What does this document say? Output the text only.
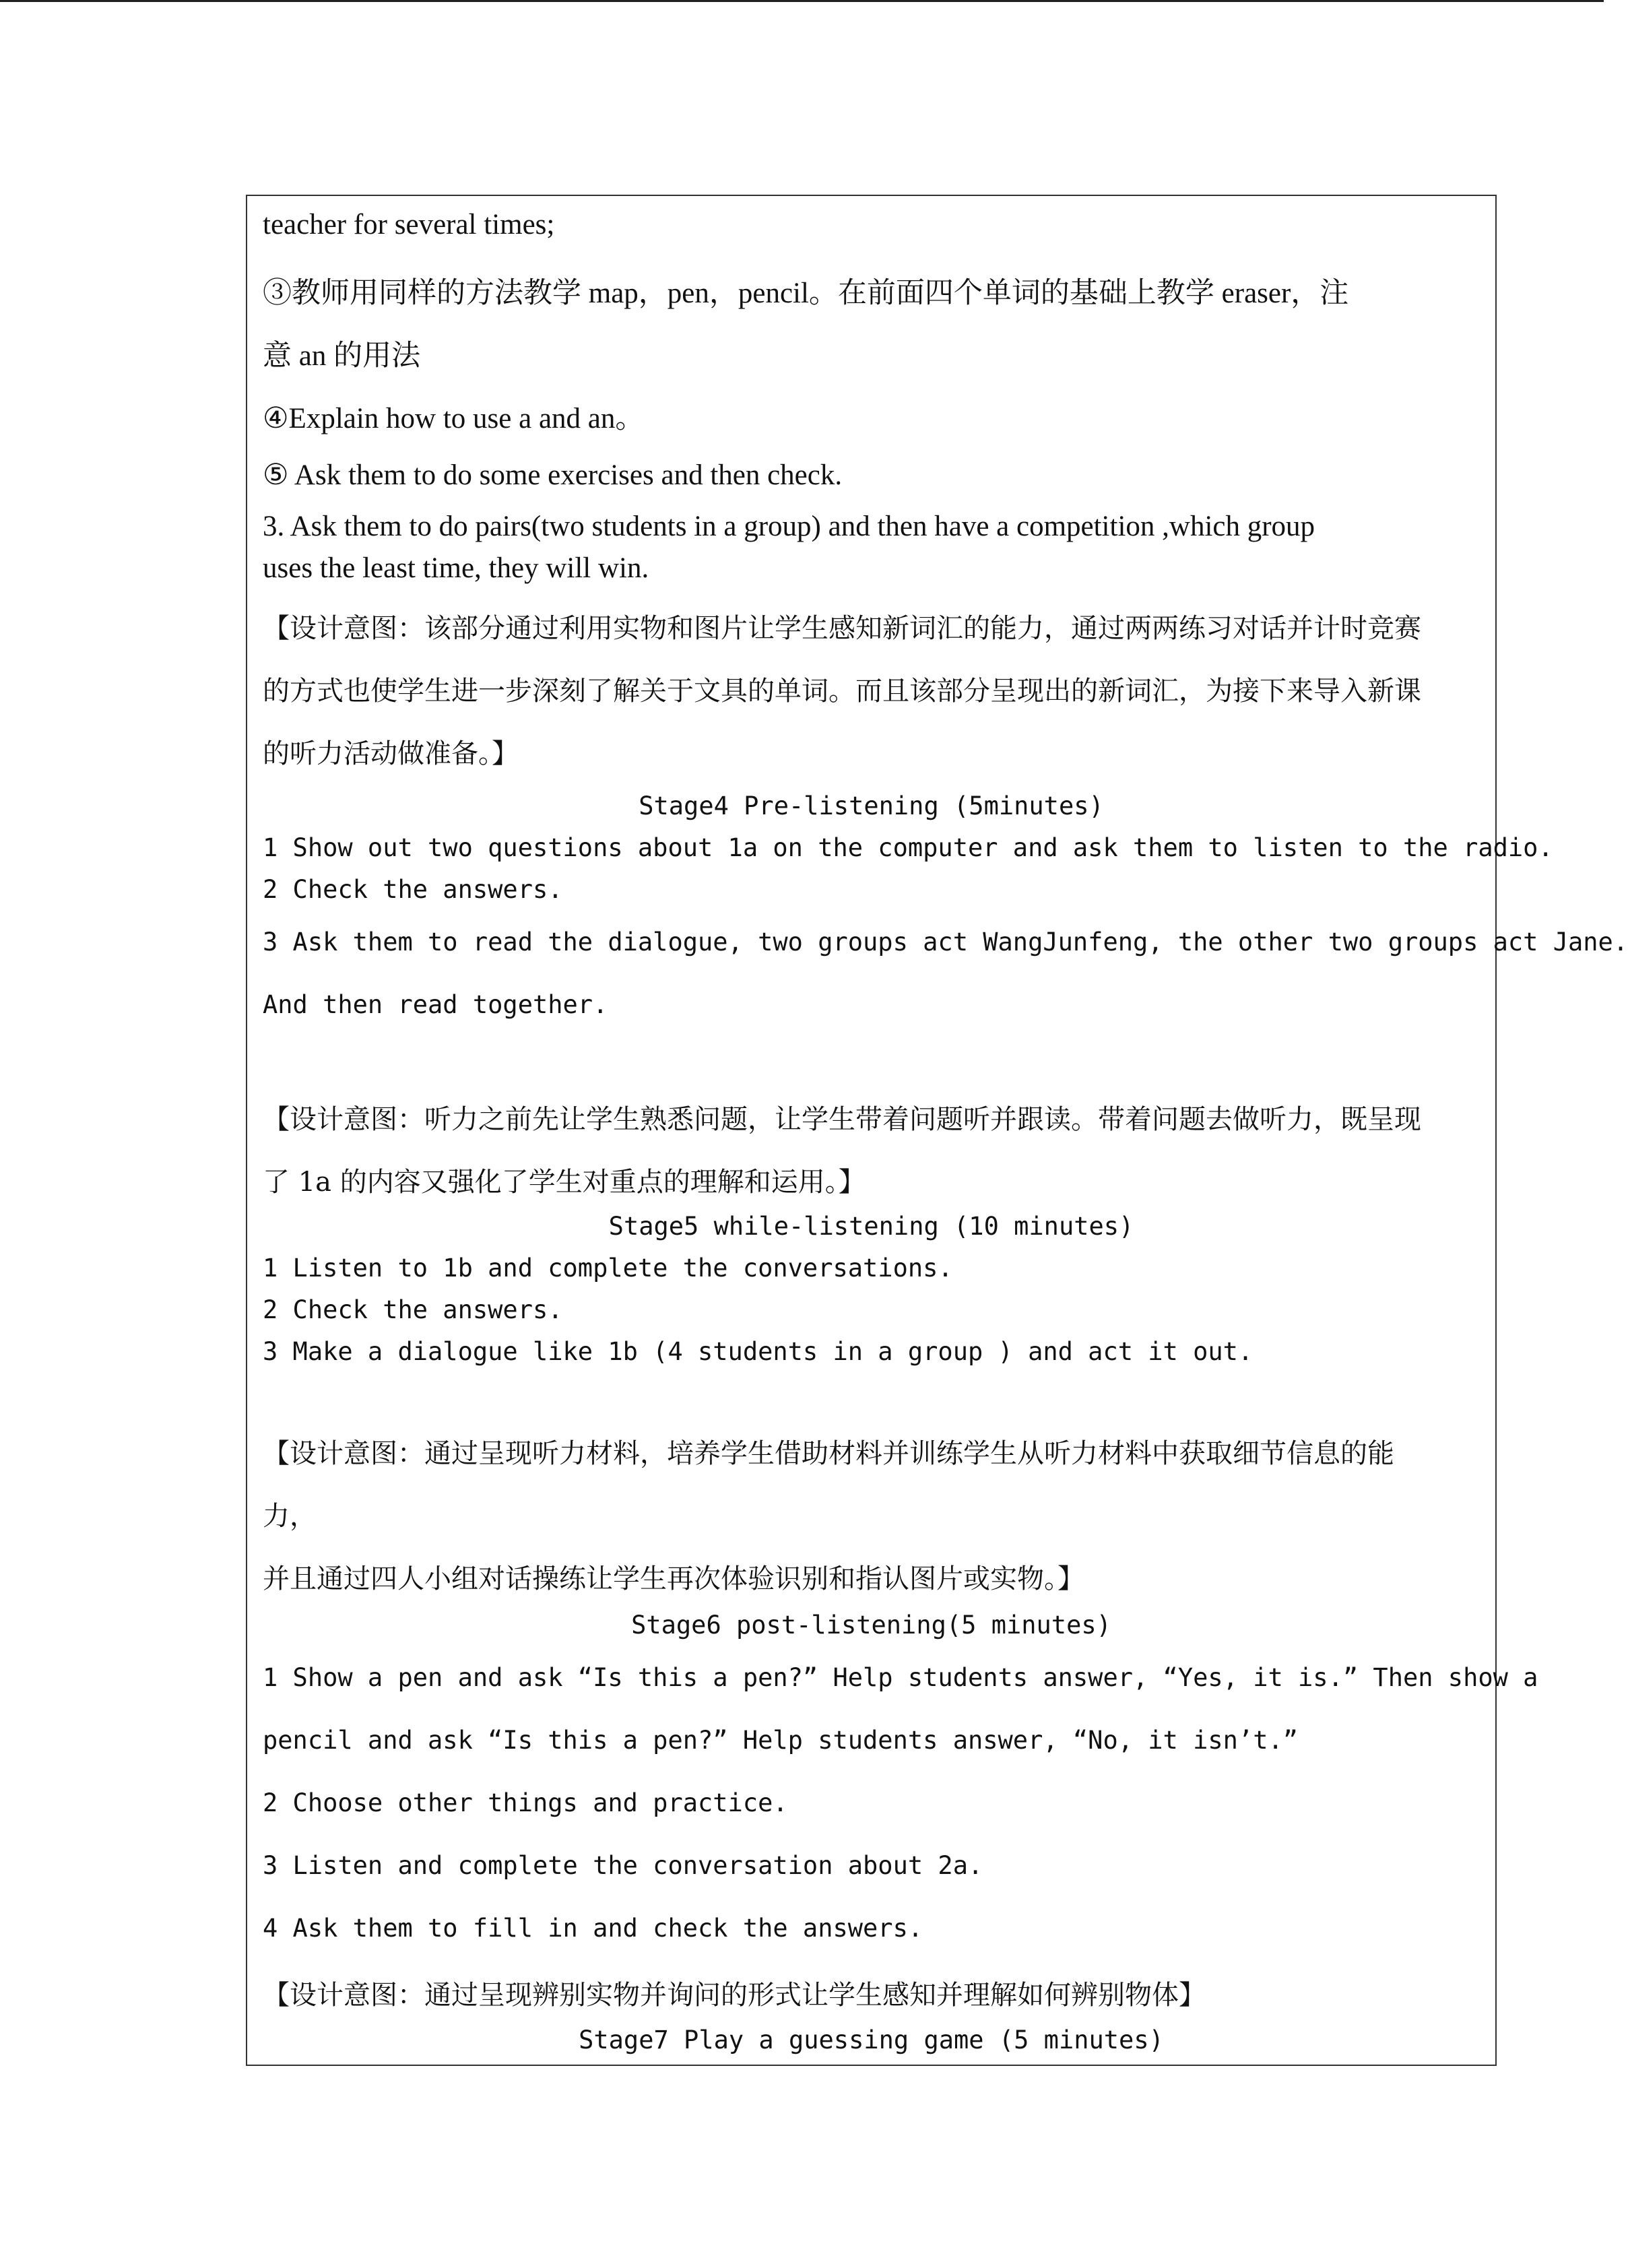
teacher for several times;
③教师用同样的方法教学 map，pen，pencil。在前面四个单词的基础上教学 eraser，注
意 an 的用法
④Explain how to use a and an。
⑤ Ask them to do some exercises and then check.
3. Ask them to do pairs(two students in a group) and then have a competition ,which group
uses the least time, they will win.
【设计意图：该部分通过利用实物和图片让学生感知新词汇的能力，通过两两练习对话并计时竞赛
的方式也使学生进一步深刻了解关于文具的单词。而且该部分呈现出的新词汇，为接下来导入新课
的听力活动做准备。】
Stage4 Pre-listening (5minutes)
1 Show out two questions about 1a on the computer and ask them to listen to the radio.
2 Check the answers.
3 Ask them to read the dialogue, two groups act WangJunfeng, the other two groups act Jane.
And then read together.
【设计意图：听力之前先让学生熟悉问题，让学生带着问题听并跟读。带着问题去做听力，既呈现
了 1a 的内容又强化了学生对重点的理解和运用。】
Stage5 while-listening (10 minutes)
1 Listen to 1b and complete the conversations.
2 Check the answers.
3 Make a dialogue like 1b (4 students in a group ) and act it out.
【设计意图：通过呈现听力材料，培养学生借助材料并训练学生从听力材料中获取细节信息的能
力，
并且通过四人小组对话操练让学生再次体验识别和指认图片或实物。】
Stage6 post-listening(5 minutes)
1 Show a pen and ask “Is this a pen?” Help students answer, “Yes, it is.” Then show a
pencil and ask “Is this a pen?” Help students answer, “No, it isn’t.”
2 Choose other things and practice.
3 Listen and complete the conversation about 2a.
4 Ask them to fill in and check the answers.
【设计意图：通过呈现辨别实物并询问的形式让学生感知并理解如何辨别物体】
Stage7 Play a guessing game (5 minutes)
